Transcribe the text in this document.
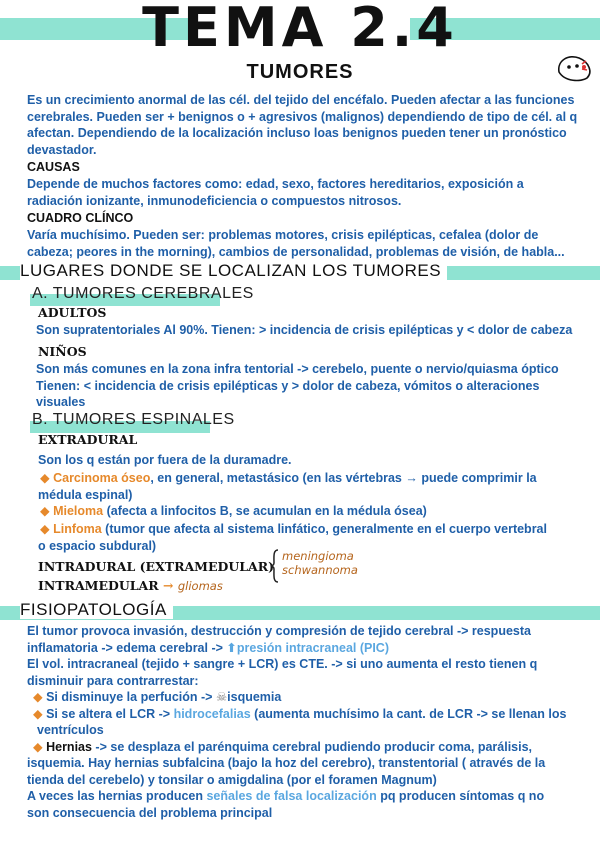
TEMA 2.4
TUMORES
Es un crecimiento anormal de las cél. del tejido del encéfalo. Pueden afectar a las funciones
cerebrales. Pueden ser + benignos o + agresivos (malignos) dependiendo de tipo de cél. al q
afectan. Dependiendo de la localización incluso loas benignos pueden tener un pronóstico
devastador.
CAUSAS
Depende de muchos factores como: edad, sexo, factores hereditarios, exposición a
radiación ionizante, inmunodeficiencia o compuestos nitrosos.
CUADRO CLÍNCO
Varía muchísimo. Pueden ser: problemas motores, crisis epilépticas, cefalea (dolor de
cabeza; peores in the morning), cambios de personalidad, problemas de visión, de habla...
LUGARES DONDE SE LOCALIZAN LOS TUMORES
A. TUMORES CEREBRALES
ADULTOS
Son supratentoriales Al 90%. Tienen: > incidencia de crisis epilépticas y < dolor de cabeza
NIÑOS
Son más comunes en la zona infra tentorial -> cerebelo, puente o nervio/quiasma óptico
Tienen: < incidencia de crisis epilépticas y > dolor de cabeza, vómitos o alteraciones
visuales
B. TUMORES ESPINALES
EXTRADURAL
Son los q están por fuera de la duramadre.
◆ Carcinoma óseo, en general, metastásico (en las vértebras → puede comprimir la
médula espinal)
◆ Mieloma (afecta a linfocitos B, se acumulan en la médula ósea)
◆ Linfoma (tumor que afecta al sistema linfático, generalmente en el cuerpo vertebral
o espacio subdural)
INTRADURAL (EXTRAMEDULAR)
meningioma
schwannoma
INTRAMEDULAR → gliomas
FISIOPATOLOGÍA
El tumor provoca invasión, destrucción y compresión de tejido cerebral -> respuesta
inflamatoria -> edema cerebral -> ⬆presión intracraneal (PIC)
El vol. intracraneal (tejido + sangre + LCR) es CTE. -> si uno aumenta el resto tienen q
disminuir para contrarrestar:
◆ Si disminuye la perfución -> ☠isquemia
◆ Si se altera el LCR -> hidrocefalias (aumenta muchísimo la cant. de LCR -> se llenan los
ventrículos
◆ Hernias -> se desplaza el parénquima cerebral pudiendo producir coma, parálisis,
isquemia. Hay hernias subfalcina (bajo la hoz del cerebro), transtentorial ( através de la
tienda del cerebelo) y tonsilar o amigdalina (por el foramen Magnum)
A veces las hernias producen señales de falsa localización pq producen síntomas q no
son consecuencia del problema principal
